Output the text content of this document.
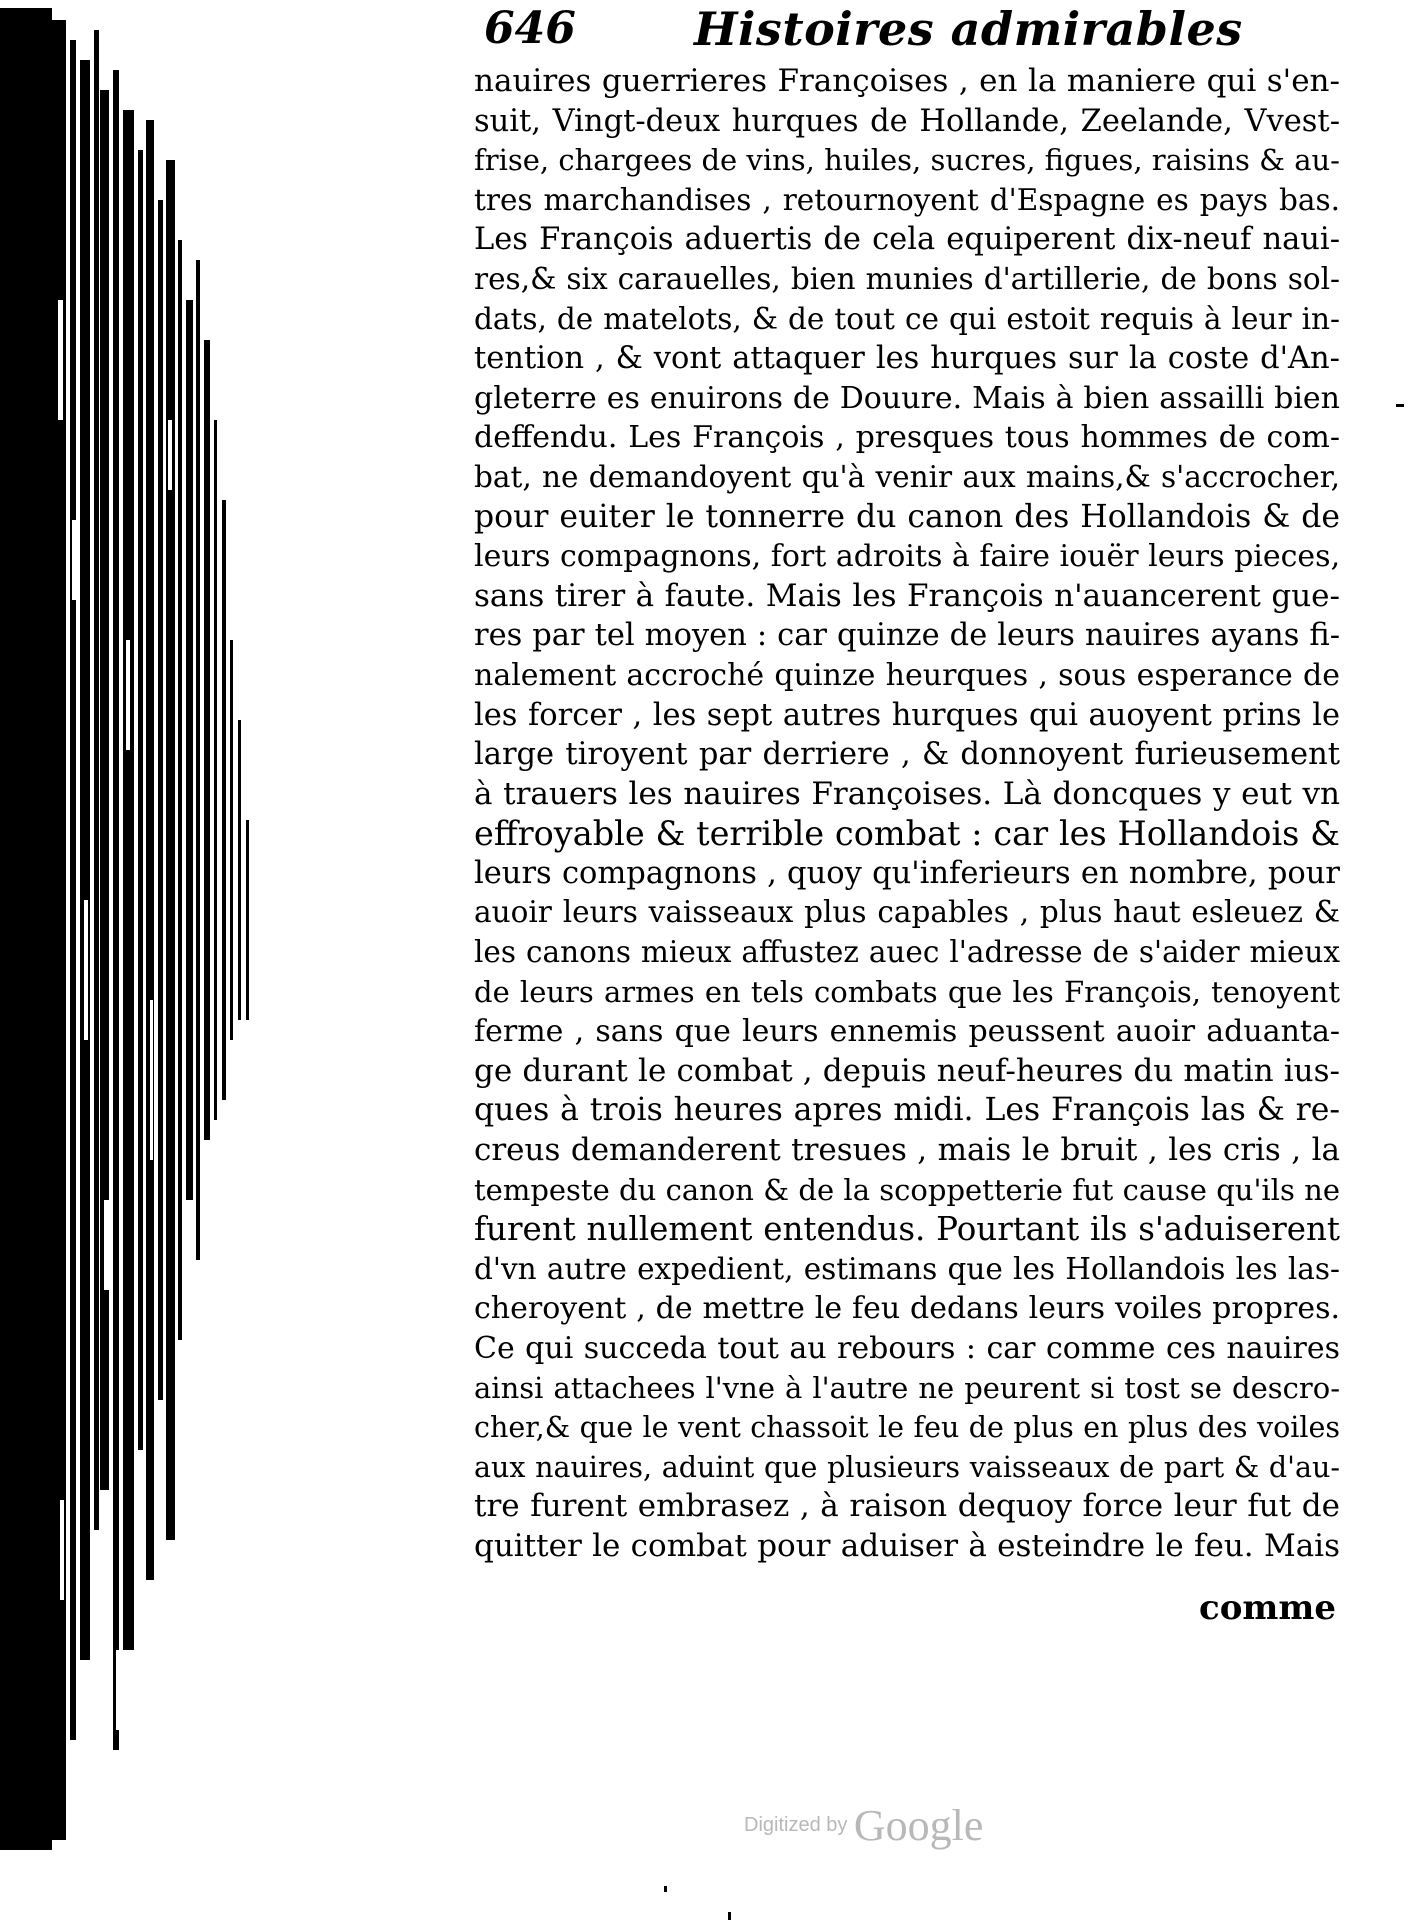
646	Histoires admirables
nauires guerrieres Françoises , en la maniere qui s'en-
suit, Vingt-deux hurques de Hollande, Zeelande, Vvest-
frise, chargees de vins, huiles, sucres, figues, raisins & au-
tres marchandises , retournoyent d'Espagne es pays bas.
Les François aduertis de cela equiperent dix-neuf naui-
res,& six carauelles, bien munies d'artillerie, de bons sol-
dats, de matelots, & de tout ce qui estoit requis à leur in-
tention , & vont attaquer les hurques sur la coste d'An-
gleterre es enuirons de Douure. Mais à bien assailli bien
deffendu. Les François , presques tous hommes de com-
bat, ne demandoyent qu'à venir aux mains,& s'accrocher,
pour euiter le tonnerre du canon des Hollandois & de
leurs compagnons, fort adroits à faire iouër leurs pieces,
sans tirer à faute. Mais les François n'auancerent gue-
res par tel moyen : car quinze de leurs nauires ayans fi-
nalement accroché quinze heurques , sous esperance de
les forcer , les sept autres hurques qui auoyent prins le
large tiroyent par derriere , & donnoyent furieusement
à trauers les nauires Françoises. Là doncques y eut vn
effroyable & terrible combat : car les Hollandois &
leurs compagnons , quoy qu'inferieurs en nombre, pour
auoir leurs vaisseaux plus capables , plus haut esleuez &
les canons mieux affustez auec l'adresse de s'aider mieux
de leurs armes en tels combats que les François, tenoyent
ferme , sans que leurs ennemis peussent auoir aduanta-
ge durant le combat , depuis neuf-heures du matin ius-
ques à trois heures apres midi. Les François las & re-
creus demanderent tresues , mais le bruit , les cris , la
tempeste du canon & de la scoppetterie fut cause qu'ils ne
furent nullement entendus. Pourtant ils s'aduiserent
d'vn autre expedient, estimans que les Hollandois les las-
cheroyent , de mettre le feu dedans leurs voiles propres.
Ce qui succeda tout au rebours : car comme ces nauires
ainsi attachees l'vne à l'autre ne peurent si tost se descro-
cher,& que le vent chassoit le feu de plus en plus des voiles
aux nauires, aduint que plusieurs vaisseaux de part & d'au-
tre furent embrasez , à raison dequoy force leur fut de
quitter le combat pour aduiser à esteindre le feu. Mais
comme
Digitized by Google
